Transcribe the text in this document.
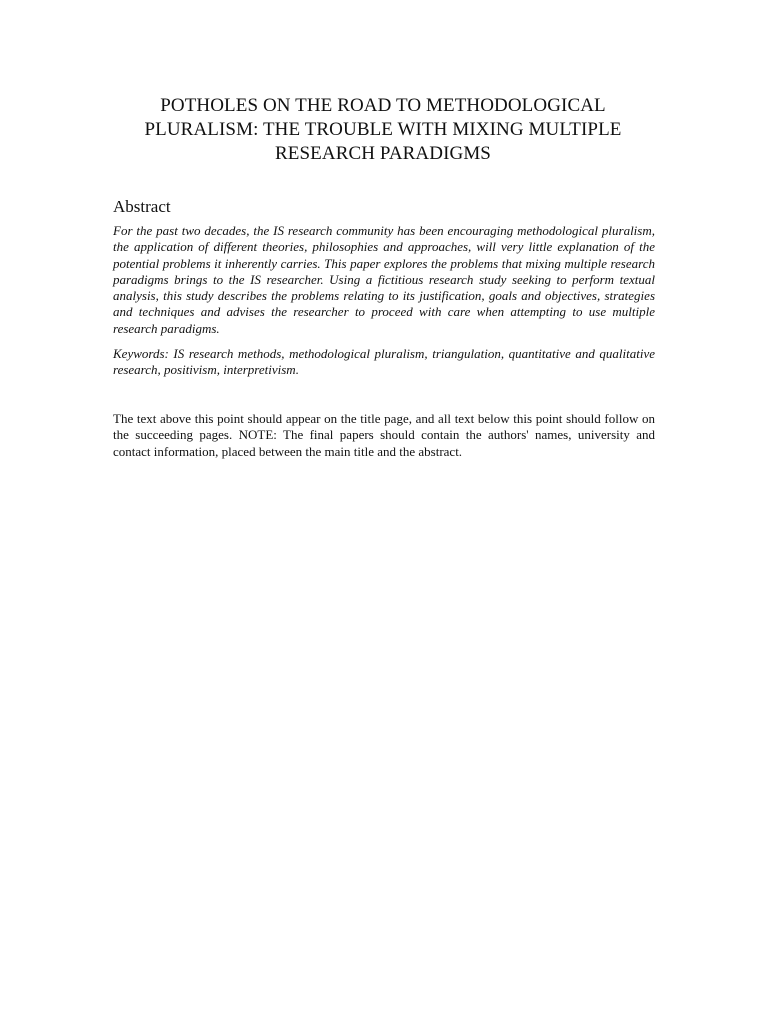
POTHOLES ON THE ROAD TO METHODOLOGICAL
PLURALISM: THE TROUBLE WITH MIXING MULTIPLE
RESEARCH PARADIGMS
Abstract
For the past two decades, the IS research community has been encouraging methodological pluralism, the application of different theories, philosophies and approaches, will very little explanation of the potential problems it inherently carries. This paper explores the problems that mixing multiple research paradigms brings to the IS researcher. Using a fictitious research study seeking to perform textual analysis, this study describes the problems relating to its justification, goals and objectives, strategies and techniques and advises the researcher to proceed with care when attempting to use multiple research paradigms.
Keywords: IS research methods, methodological pluralism, triangulation, quantitative and qualitative research, positivism, interpretivism.
The text above this point should appear on the title page, and all text below this point should follow on the succeeding pages. NOTE: The final papers should contain the authors' names, university and contact information, placed between the main title and the abstract.
